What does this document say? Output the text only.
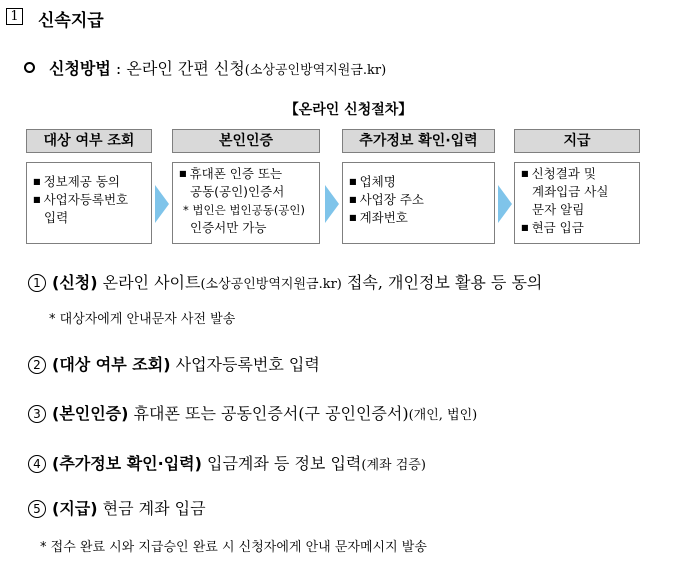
1 신속지급
신청방법 : 온라인 간편 신청(소상공인방역지원금.kr)
【온라인 신청절차】
대상 여부 조회	본인인증	추가정보 확인·입력	지급
■ 정보제공 동의
■ 사업자등록번호
입력
■ 휴대폰 인증 또는
공동(공인)인증서
* 법인은 법인공동(공인)
인증서만 가능
■ 업체명
■ 사업장 주소
■ 계좌번호
■ 신청결과 및
계좌입금 사실
문자 알림
■ 현금 입금
1 (신청) 온라인 사이트(소상공인방역지원금.kr) 접속, 개인정보 활용 등 동의
* 대상자에게 안내문자 사전 발송
2 (대상 여부 조회) 사업자등록번호 입력
3 (본인인증) 휴대폰 또는 공동인증서(구 공인인증서)(개인, 법인)
4 (추가정보 확인·입력) 입금계좌 등 정보 입력(계좌 검증)
5 (지급) 현금 계좌 입금
* 접수 완료 시와 지급승인 완료 시 신청자에게 안내 문자메시지 발송
